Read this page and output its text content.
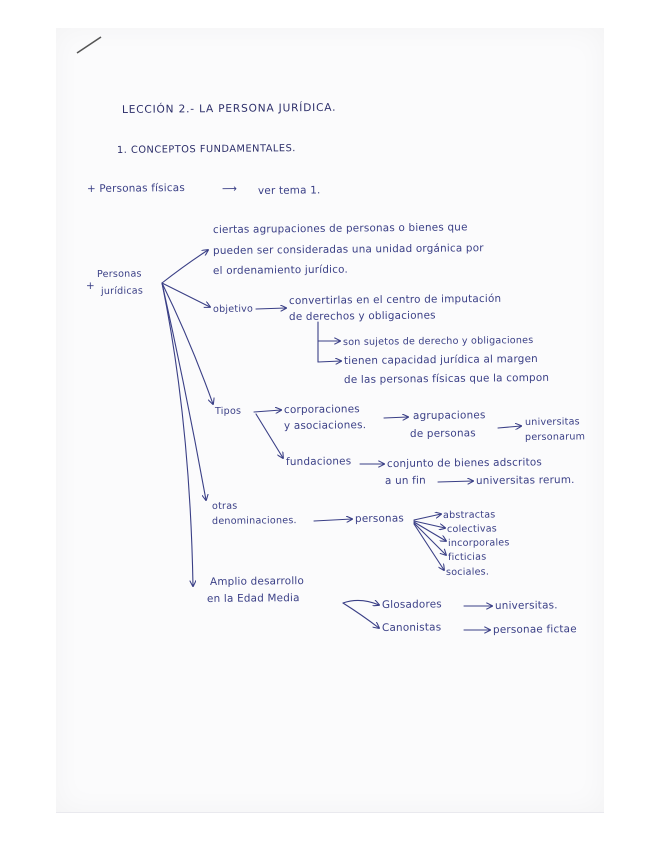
LECCIÓN 2.- LA PERSONA JURÍDICA.
1. CONCEPTOS FUNDAMENTALES.
+ Personas físicas	⟶ ver tema 1.
+
Personas
jurídicas
ciertas agrupaciones de personas o bienes que
pueden ser consideradas una unidad orgánica por
el ordenamiento jurídico.
objetivo
convertirlas en el centro de imputación
de derechos y obligaciones
son sujetos de derecho y obligaciones
tienen capacidad jurídica al margen
de las personas físicas que la compon
Tipos	corporaciones
y asociaciones.
agrupaciones
de personas
universitas
personarum
fundaciones	conjunto de bienes adscritos
a un fin	universitas rerum.
otras
denominaciones.	personas	abstractas
colectivas
incorporales
ficticias
sociales.
Amplio desarrollo
en la Edad Media	Glosadores	universitas.
Canonistas	personae fictae
